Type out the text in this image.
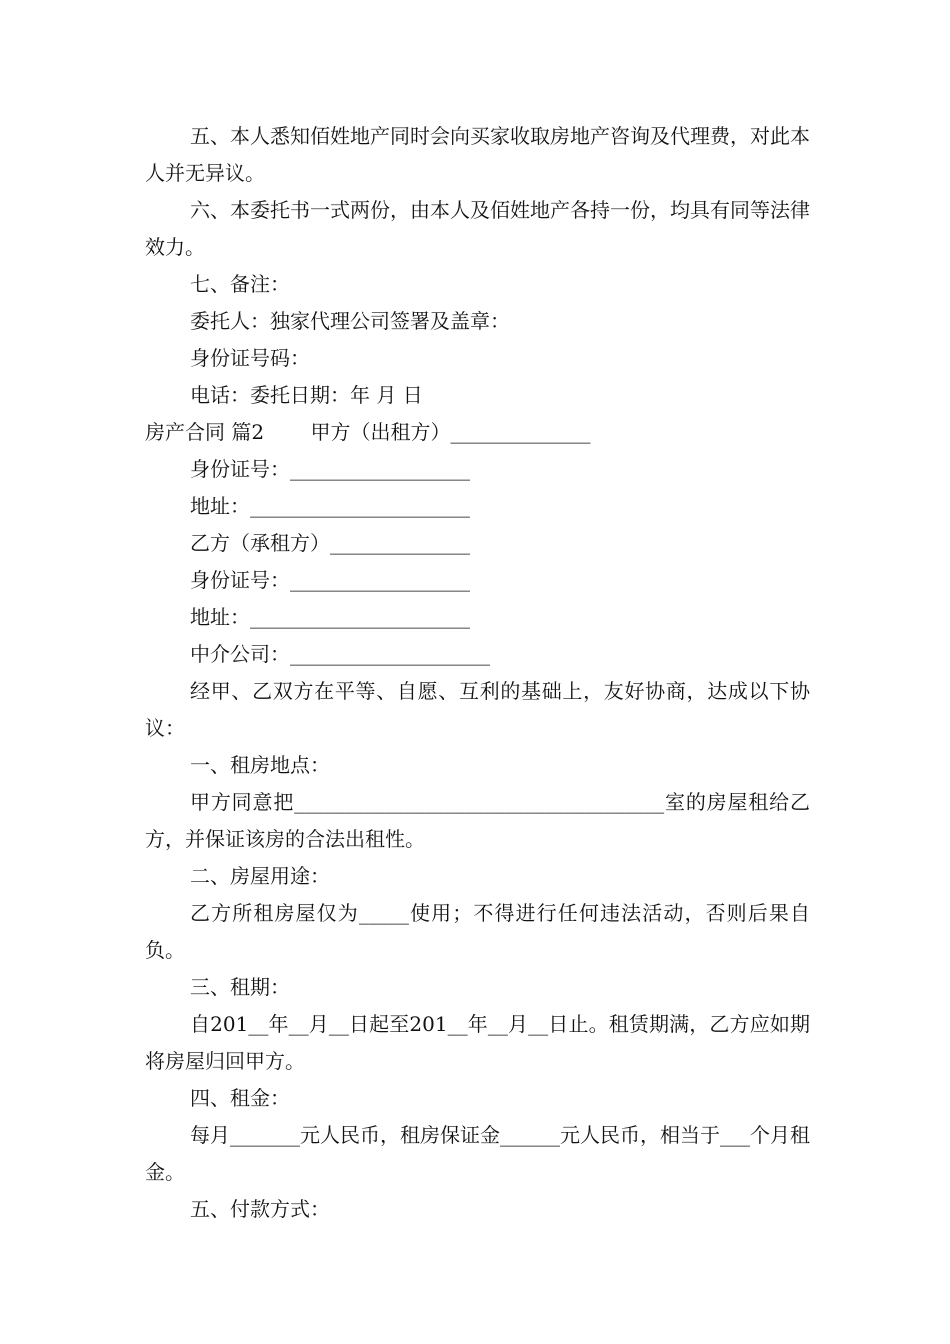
五、本人悉知佰姓地产同时会向买家收取房地产咨询及代理费，对此本人并无异议。

六、本委托书一式两份，由本人及佰姓地产各持一份，均具有同等法律效力。

七、备注：

委托人：独家代理公司签署及盖章：

身份证号码：

电话：委托日期：年 月 日

房产合同 篇2　　 甲方（出租方）______________

身份证号：__________________

地址：______________________

乙方（承租方）______________

身份证号：__________________

地址：______________________

中介公司：____________________

经甲、乙双方在平等、自愿、互利的基础上，友好协商，达成以下协议：

一、租房地点：

甲方同意把_____________________________________室的房屋租给乙方，并保证该房的合法出租性。

二、房屋用途：

乙方所租房屋仅为_____使用；不得进行任何违法活动，否则后果自负。

三、租期：

自201__年__月__日起至201__年__月__日止。租赁期满，乙方应如期将房屋归回甲方。

四、租金：

每月_______元人民币，租房保证金______元人民币，相当于___个月租金。

五、付款方式：
